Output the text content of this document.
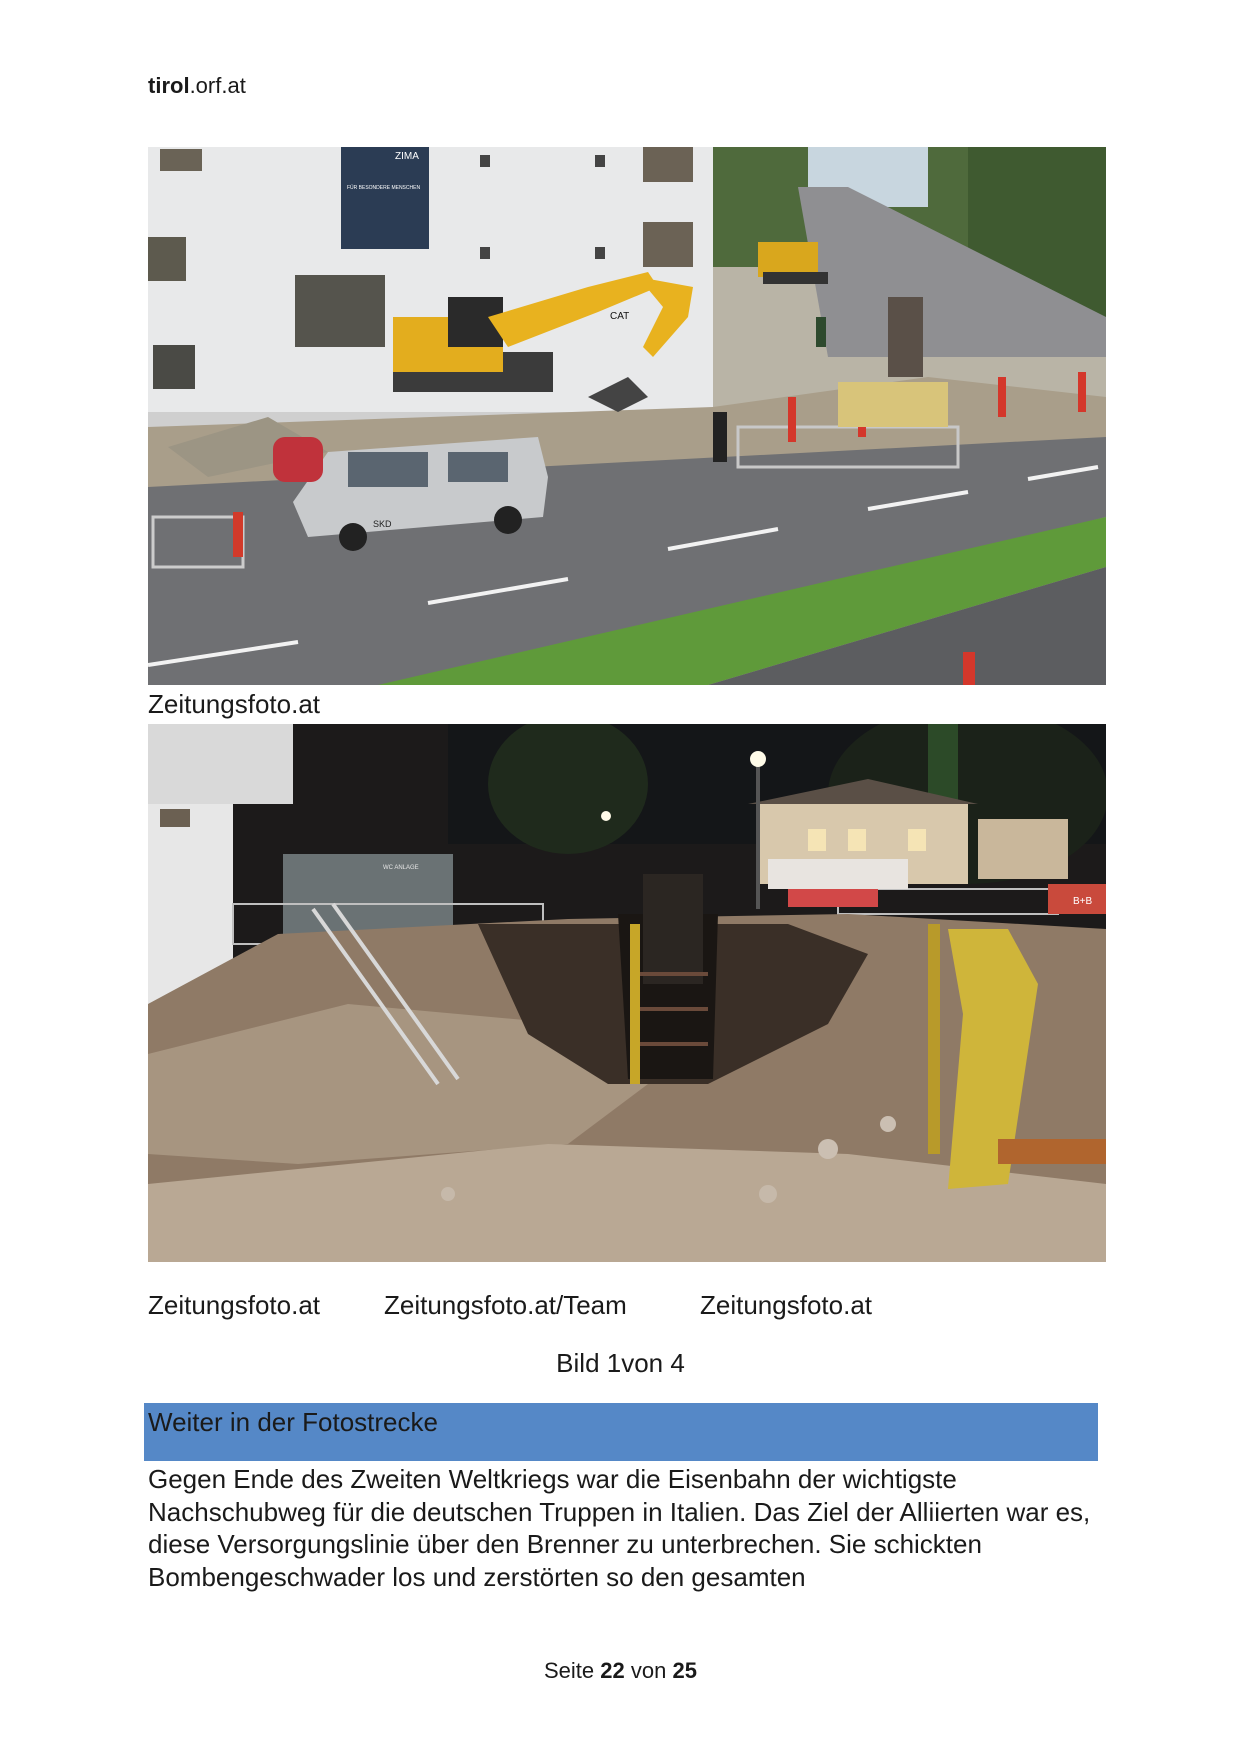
tirol.orf.at
ZIMA
FÜR BESONDERE MENSCHEN
CAT
SKD
Zeitungsfoto.at
WC ANLAGE
B+B
Zeitungsfoto.at Zeitungsfoto.at/Team	Zeitungsfoto.at
Bild 1von 4
Weiter in der Fotostrecke

Gegen Ende des Zweiten Weltkriegs war die Eisenbahn der wichtigste Nachschubweg für die deutschen Truppen in Italien. Das Ziel der Alliierten war es, diese Versorgungslinie über den Brenner zu unterbrechen. Sie schickten Bombengeschwader los und zerstörten so den gesamten

Seite 22 von 25
